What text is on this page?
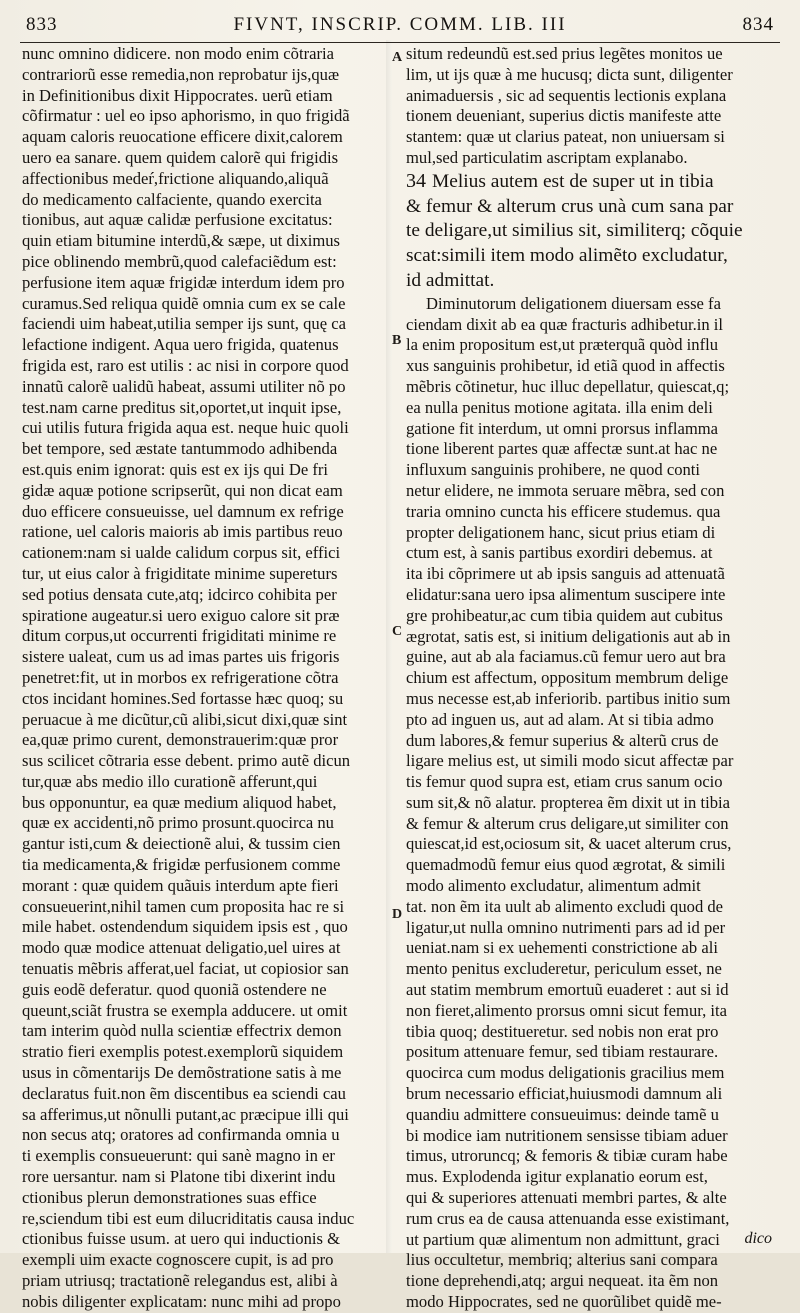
833	FIVNT, INSCRIP. COMM. LIB. III	834
A
B
C
D
nunc omnino didicere. non modo enim cõtraria
contrariorũ esse remedia,non reprobatur ijs,quæ
in Definitionibus dixit Hippocrates. uerũ etiam
cõfirmatur : uel eo ipso aphorismo, in quo frigidã
aquam caloris reuocatione efficere dixit,calorem
uero ea sanare. quem quidem calorẽ qui frigidis
affectionibus medeŕ,frictione aliquando,aliquã
do medicamento calfaciente, quando exercita
tionibus, aut aquæ calidæ perfusione excitatus:
quin etiam bitumine interdũ,& sæpe, ut diximus
pice oblinendo membrũ,quod calefaciẽdum est:
perfusione item aquæ frigidæ interdum idem pro
curamus.Sed reliqua quidẽ omnia cum ex se cale
faciendi uim habeat,utilia semper ijs sunt, quę ca
lefactione indigent. Aqua uero frigida, quatenus
frigida est, raro est utilis : ac nisi in corpore quod
innatũ calorẽ ualidũ habeat, assumi utiliter nõ po
test.nam carne preditus sit,oportet,ut inquit ipse,
cui utilis futura frigida aqua est. neque huic quoli
bet tempore, sed æstate tantummodo adhibenda
est.quis enim ignorat: quis est ex ijs qui De fri
gidæ aquæ potione scripserũt, qui non dicat eam
duo efficere consueuisse, uel damnum ex refrige
ratione, uel caloris maioris ab imis partibus reuo
cationem:nam si ualde calidum corpus sit, effici
tur, ut eius calor à frigiditate minime supereturs
sed potius densata cute,atq; idcirco cohibita per
spiratione augeatur.si uero exiguo calore sit præ
ditum corpus,ut occurrenti frigiditati minime re
sistere ualeat, cum us ad imas partes uis frigoris
penetret:fit, ut in morbos ex refrigeratione cõtra
ctos incidant homines.Sed fortasse hæc quoq; su
peruacue à me dicũtur,cũ alibi,sicut dixi,quæ sint
ea,quæ primo curent, demonstrauerim:quæ pror
sus scilicet cõtraria esse debent. primo autẽ dicun
tur,quæ abs medio illo curationẽ afferunt,qui
bus opponuntur, ea quæ medium aliquod habet,
quæ ex accidenti,nõ primo prosunt.quocirca nu
gantur isti,cum & deiectionẽ alui, & tussim cien
tia medicamenta,& frigidæ perfusionem comme
morant : quæ quidem quãuis interdum apte fieri
consueuerint,nihil tamen cum proposita hac re si
mile habet. ostendendum siquidem ipsis est , quo
modo quæ modice attenuat deligatio,uel uires at
tenuatis mẽbris afferat,uel faciat, ut copiosior san
guis eodẽ deferatur. quod quoniã ostendere ne
queunt,sciãt frustra se exempla adducere. ut omit
tam interim quòd nulla scientiæ effectrix demon
stratio fieri exemplis potest.exemplorũ siquidem
usus in cõmentarijs De demõstratione satis à me
declaratus fuit.non ẽm discentibus ea sciendi cau
sa afferimus,ut nõnulli putant,ac præcipue illi qui
non secus atq; oratores ad confirmanda omnia u
ti exemplis consueuerunt: qui sanè magno in er
rore uersantur. nam si Platone tibi dixerint indu
ctionibus plerun demonstrationes suas effice
re,sciendum tibi est eum dilucriditatis causa induc
ctionibus fuisse usum. at uero qui inductionis &
exempli uim exacte cognoscere cupit, is ad pro
priam utriusq; tractationẽ relegandus est, alibi à
nobis diligenter explicatam: nunc mihi ad propo
situm redeundũ est.sed prius legẽtes monitos ue
lim, ut ijs quæ à me hucusq; dicta sunt, diligenter
animaduersis , sic ad sequentis lectionis explana
tionem deueniant, superius dictis manifeste atte
stantem: quæ ut clarius pateat, non uniuersam si
mul,sed particulatim ascriptam explanabo.
34 Melius autem est de super ut in tibia
& femur & alterum crus unà cum sana par
te deligare,ut similius sit, similiterq; cõquie
scat:simili item modo alimẽto excludatur,
id admittat.
Diminutorum deligationem diuersam esse fa
ciendam dixit ab ea quæ fracturis adhibetur.in il
la enim propositum est,ut præterquã quòd influ
xus sanguinis prohibetur, id etiã quod in affectis
mẽbris cõtinetur, huc illuc depellatur, quiescat,q;
ea nulla penitus motione agitata. illa enim deli
gatione fit interdum, ut omni prorsus inflamma
tione liberent partes quæ affectæ sunt.at hac ne
influxum sanguinis prohibere, ne quod conti
netur elidere, ne immota seruare mẽbra, sed con
traria omnino cuncta his efficere studemus. qua
propter deligationem hanc, sicut prius etiam di
ctum est, à sanis partibus exordiri debemus. at
ita ibi cõprimere ut ab ipsis sanguis ad attenuatã
elidatur:sana uero ipsa alimentum suscipere inte
gre prohibeatur,ac cum tibia quidem aut cubitus
ægrotat, satis est, si initium deligationis aut ab in
guine, aut ab ala faciamus.cũ femur uero aut bra
chium est affectum, oppositum membrum delige
mus necesse est,ab inferiorib. partibus initio sum
pto ad inguen us, aut ad alam. At si tibia admo
dum labores,& femur superius & alterũ crus de
ligare melius est, ut simili modo sicut affectæ par
tis femur quod supra est, etiam crus sanum ocio
sum sit,& nõ alatur. propterea ẽm dixit ut in tibia
& femur & alterum crus deligare,ut similiter con
quiescat,id est,ociosum sit, & uacet alterum crus,
quemadmodũ femur eius quod ægrotat, & simili
modo alimento excludatur, alimentum admit
tat. non ẽm ita uult ab alimento excludi quod de
ligatur,ut nulla omnino nutrimenti pars ad id per
ueniat.nam si ex uehementi constrictione ab ali
mento penitus excluderetur, periculum esset, ne
aut statim membrum emortuũ euaderet : aut si id
non fieret,alimento prorsus omni sicut femur, ita
tibia quoq; destitueretur. sed nobis non erat pro
positum attenuare femur, sed tibiam restaurare.
quocirca cum modus deligationis gracilius mem
brum necessario efficiat,huiusmodi damnum ali
quandiu admittere consueuimus: deinde tamẽ u
bi modice iam nutritionem sensisse tibiam aduer
timus, utroruncq; & femoris & tibiæ curam habe
mus. Explodenda igitur explanatio eorum est,
qui & superiores attenuati membri partes, & alte
rum crus ea de causa attenuanda esse existimant,
ut partium quæ alimentum non admittunt, graci
lius occultetur, membriq; alterius sani compara
tione deprehendi,atq; argui nequeat. ita ẽm non
modo Hippocrates, sed ne quorũlibet quidẽ me-
dico
